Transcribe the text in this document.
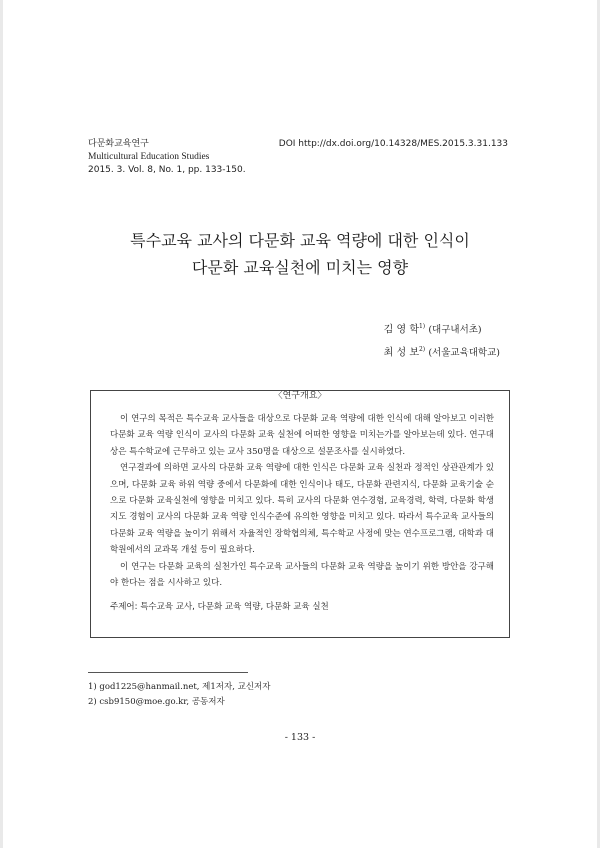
다문화교육연구	DOI http://dx.doi.org/10.14328/MES.2015.3.31.133
Multicultural Education Studies
2015. 3. Vol. 8, No. 1, pp. 133-150.
특수교육 교사의 다문화 교육 역량에 대한 인식이
다문화 교육실천에 미치는 영향
김 영 학$^{1)}$ (대구내서초)
최 성 보$^{2)}$ (서울교육대학교)
〈연구개요〉

이 연구의 목적은 특수교육 교사들을 대상으로 다문화 교육 역량에 대한 인식에 대해 알아보고 이러한 다문화 교육 역량 인식이 교사의 다문화 교육 실천에 어떠한 영향을 미치는가를 알아보는데 있다. 연구대상은 특수학교에 근무하고 있는 교사 350명을 대상으로 설문조사를 실시하였다.

연구결과에 의하면 교사의 다문화 교육 역량에 대한 인식은 다문화 교육 실천과 정적인 상관관계가 있으며, 다문화 교육 하위 역량 중에서 다문화에 대한 인식이나 태도, 다문화 관련지식, 다문화 교육기술 순으로 다문화 교육실천에 영향을 미치고 있다. 특히 교사의 다문화 연수경험, 교육경력, 학력, 다문화 학생 지도 경험이 교사의 다문화 교육 역량 인식수준에 유의한 영향을 미치고 있다. 따라서 특수교육 교사들의 다문화 교육 역량을 높이기 위해서 자율적인 장학협의체, 특수학교 사정에 맞는 연수프로그램, 대학과 대학원에서의 교과목 개설 등이 필요하다.

이 연구는 다문화 교육의 실천가인 특수교육 교사들의 다문화 교육 역량을 높이기 위한 방안을 강구해야 한다는 점을 시사하고 있다.

주제어: 특수교육 교사, 다문화 교육 역량, 다문화 교육 실천
1) god1225@hanmail.net, 제1저자, 교신저자
2) csb9150@moe.go.kr, 공동저자
- 133 -
